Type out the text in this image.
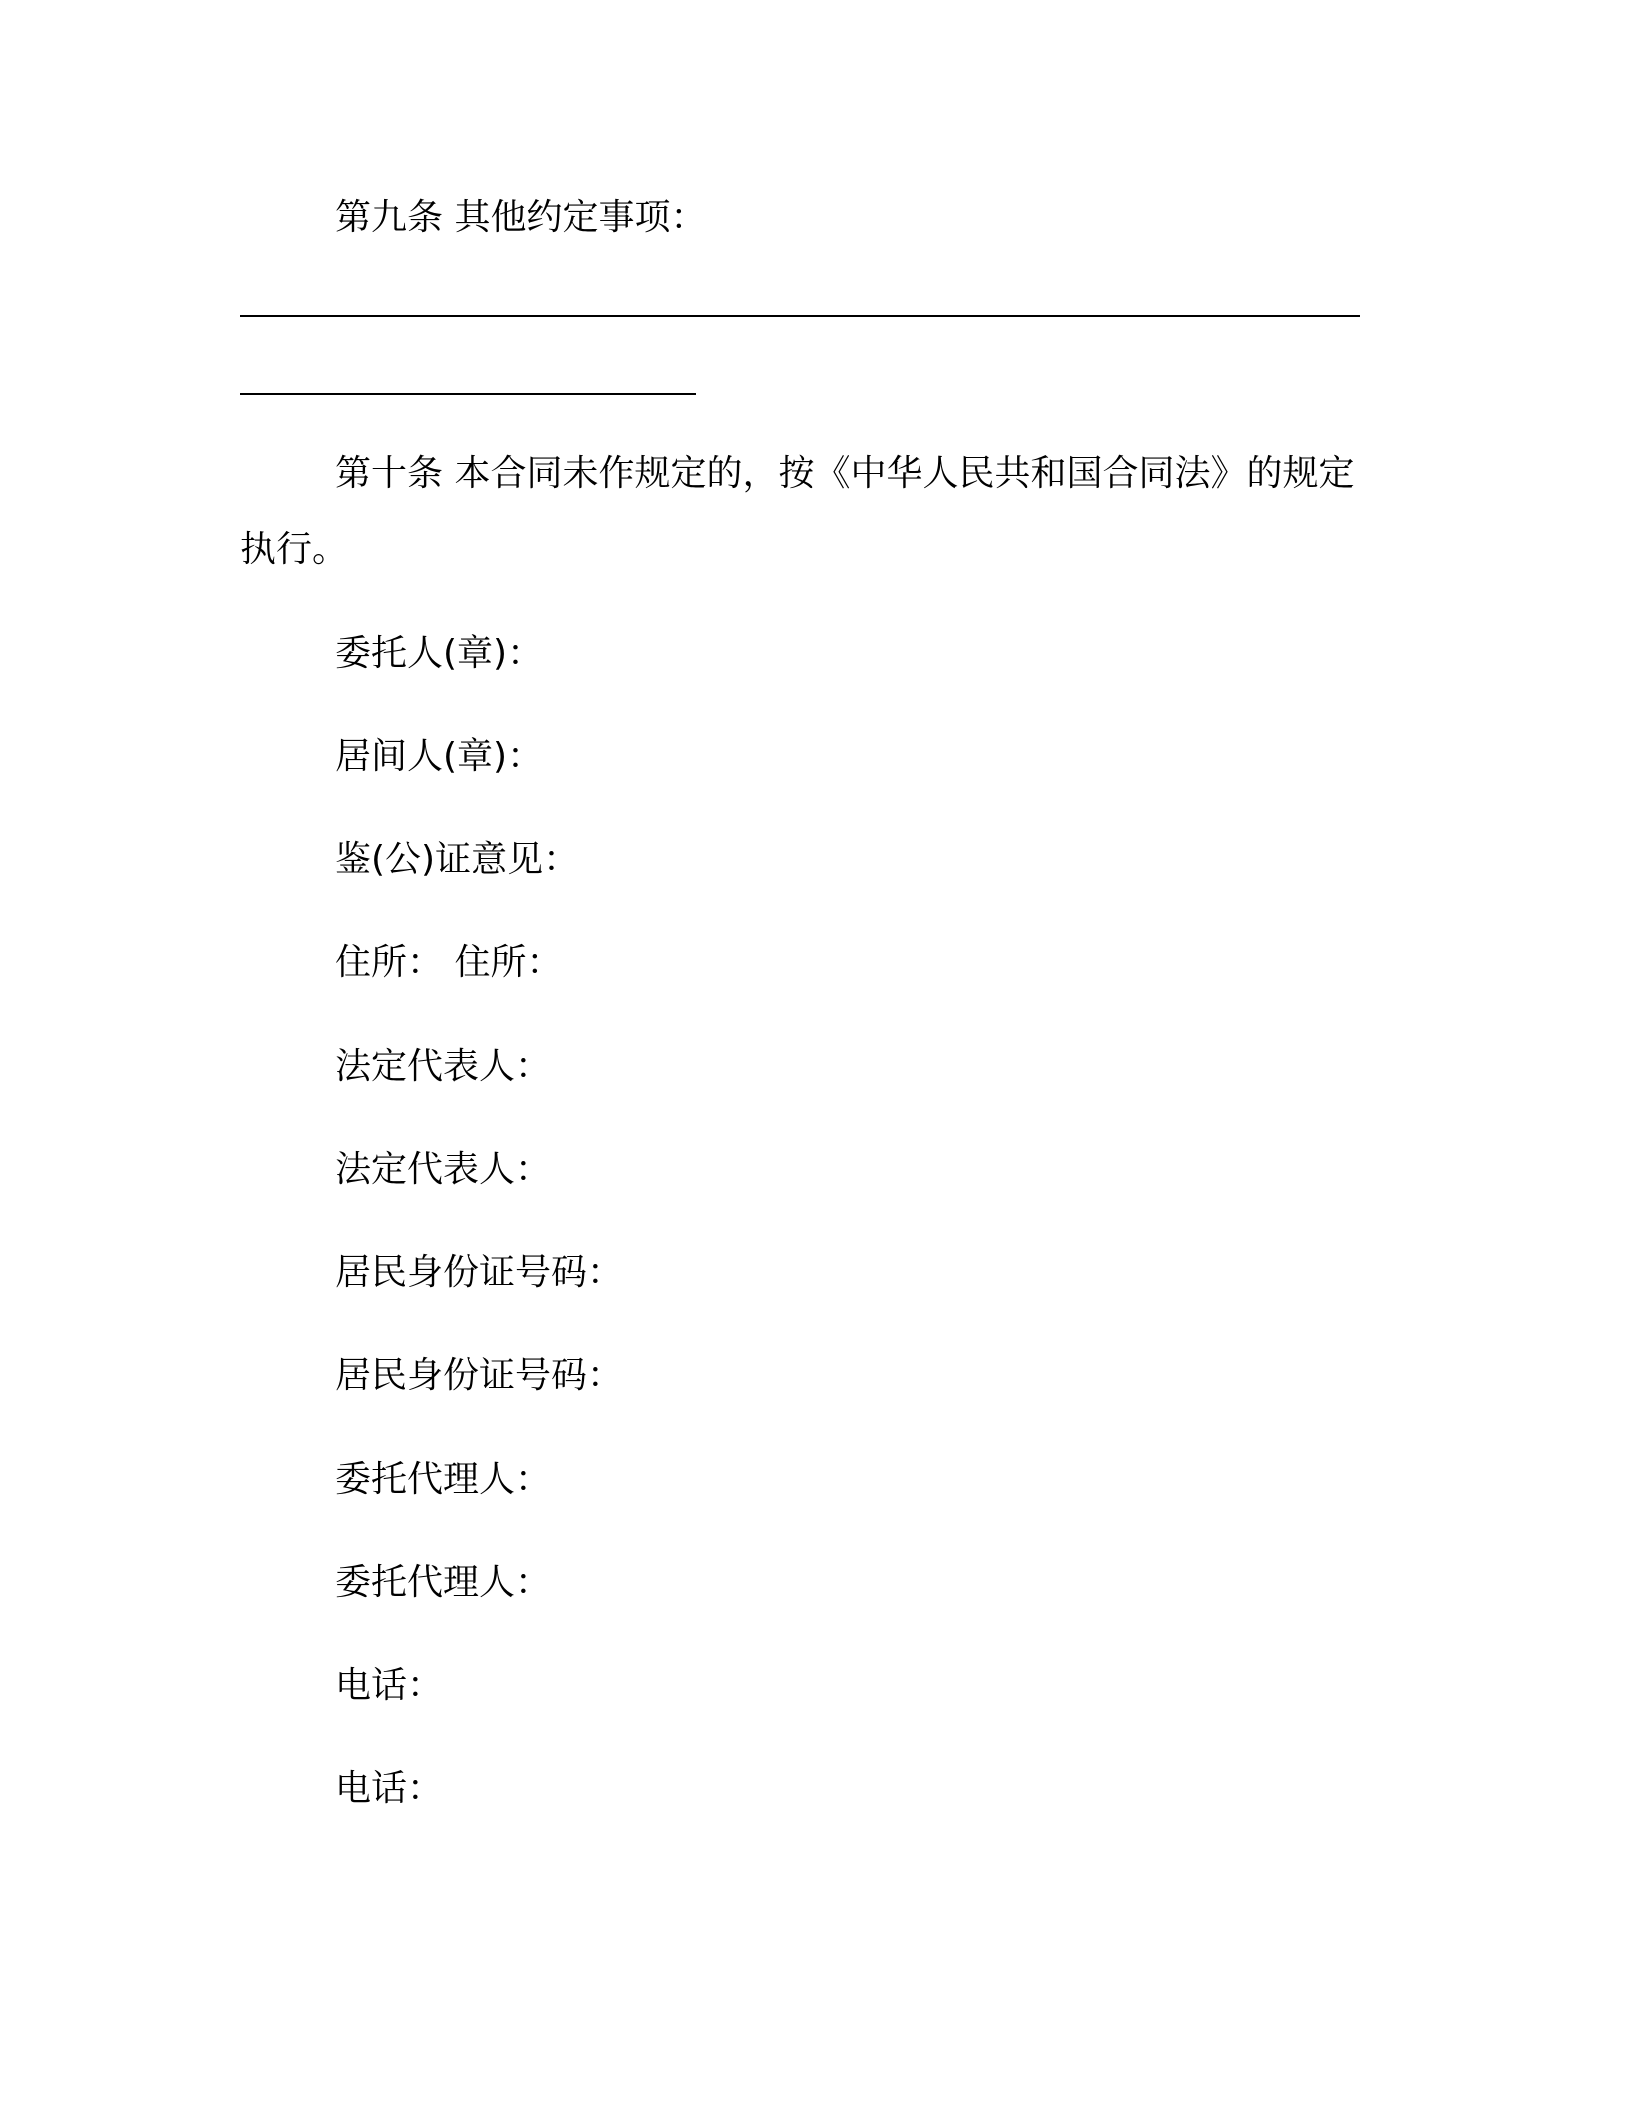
第九条 其他约定事项：
第十条 本合同未作规定的，按《中华人民共和国合同法》的规定
执行。
委托人(章)：
居间人(章)：
鉴(公)证意见：
住所： 住所：
法定代表人：
法定代表人：
居民身份证号码：
居民身份证号码：
委托代理人：
委托代理人：
电话：
电话：
